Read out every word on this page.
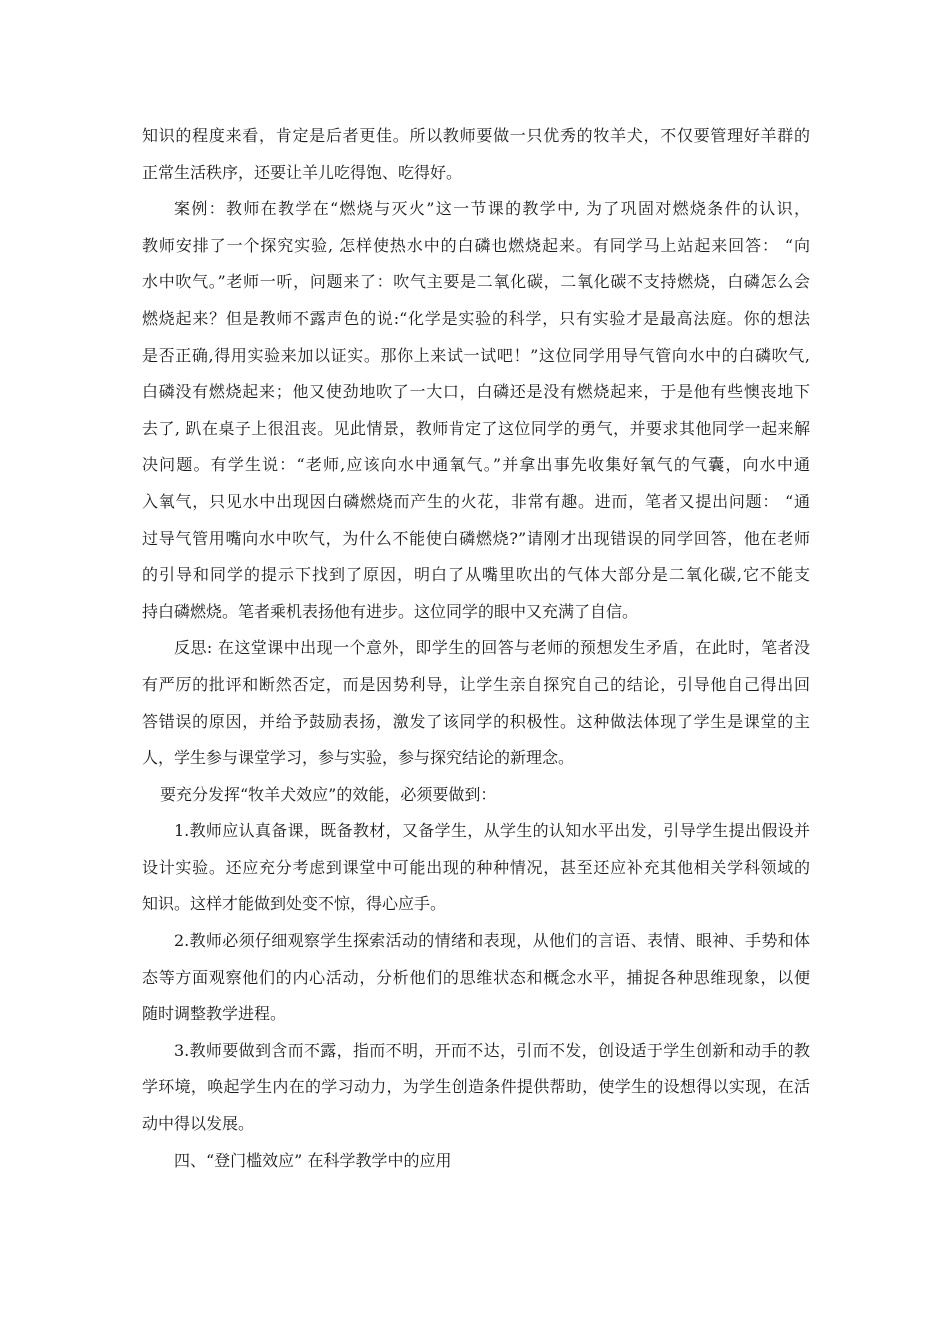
知识的程度来看，肯定是后者更佳。所以教师要做一只优秀的牧羊犬，不仅要管理好羊群的
正常生活秩序，还要让羊儿吃得饱、吃得好。
案例：教师在教学在“燃烧与灭火”这一节课的教学中, 为了巩固对燃烧条件的认识，
教师安排了一个探究实验, 怎样使热水中的白磷也燃烧起来。有同学马上站起来回答： “向
水中吹气。”老师一听，问题来了：吹气主要是二氧化碳，二氧化碳不支持燃烧，白磷怎么会
燃烧起来？但是教师不露声色的说:“化学是实验的科学，只有实验才是最高法庭。你的想法
是否正确,得用实验来加以证实。那你上来试一试吧！”这位同学用导气管向水中的白磷吹气,
白磷没有燃烧起来；他又使劲地吹了一大口，白磷还是没有燃烧起来，于是他有些懊丧地下
去了, 趴在桌子上很沮丧。见此情景，教师肯定了这位同学的勇气，并要求其他同学一起来解
决问题。有学生说：“老师,应该向水中通氧气。”并拿出事先收集好氧气的气囊，向水中通
入氧气，只见水中出现因白磷燃烧而产生的火花，非常有趣。进而，笔者又提出问题： “通
过导气管用嘴向水中吹气，为什么不能使白磷燃烧?”请刚才出现错误的同学回答，他在老师
的引导和同学的提示下找到了原因，明白了从嘴里吹出的气体大部分是二氧化碳,它不能支
持白磷燃烧。笔者乘机表扬他有进步。这位同学的眼中又充满了自信。
反思: 在这堂课中出现一个意外，即学生的回答与老师的预想发生矛盾，在此时，笔者没
有严厉的批评和断然否定，而是因势利导，让学生亲自探究自己的结论，引导他自己得出回
答错误的原因，并给予鼓励表扬，激发了该同学的积极性。这种做法体现了学生是课堂的主
人，学生参与课堂学习，参与实验，参与探究结论的新理念。
要充分发挥“牧羊犬效应”的效能，必须要做到：
1.教师应认真备课，既备教材，又备学生，从学生的认知水平出发，引导学生提出假设并
设计实验。还应充分考虑到课堂中可能出现的种种情况，甚至还应补充其他相关学科领域的
知识。这样才能做到处变不惊，得心应手。
2.教师必须仔细观察学生探索活动的情绪和表现，从他们的言语、表情、眼神、手势和体
态等方面观察他们的内心活动，分析他们的思维状态和概念水平，捕捉各种思维现象，以便
随时调整教学进程。
3.教师要做到含而不露，指而不明，开而不达，引而不发，创设适于学生创新和动手的教
学环境，唤起学生内在的学习动力，为学生创造条件提供帮助，使学生的设想得以实现，在活
动中得以发展。
四、“登门槛效应” 在科学教学中的应用
